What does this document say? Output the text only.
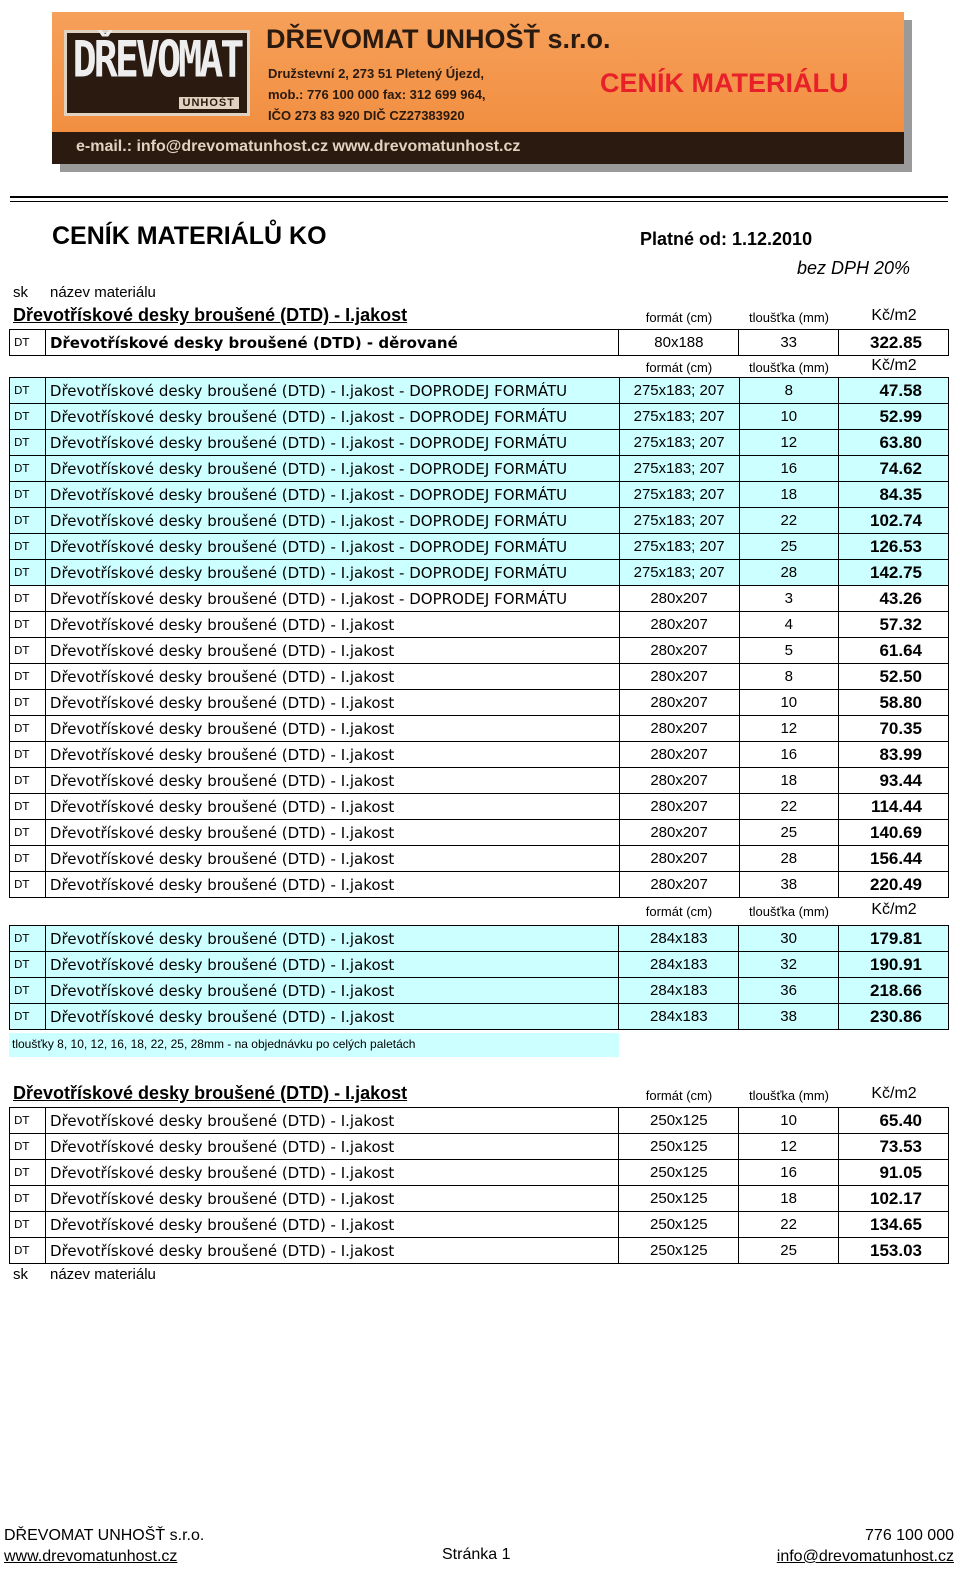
DŘEVOMAT
UNHOŠT
DŘEVOMAT UNHOŠŤ s.r.o.
Družstevní 2, 273 51 Pletený Újezd,
mob.: 776 100 000 fax: 312 699 964,
IČO 273 83 920 DIČ CZ27383920
CENÍK MATERIÁLU
e-mail.: info@drevomatunhost.cz www.drevomatunhost.cz
CENÍK MATERIÁLŮ KO	Platné od: 1.12.2010
bez DPH 20%
sk název materiálu
Dřevotřískové desky broušené (DTD) - I.jakost	formát (cm)	tloušťka (mm)	Kč/m2
DT	Dřevotřískové desky broušené (DTD) - děrované	80x188	33	322.85
formát (cm)	tloušťka (mm)	Kč/m2
DT	Dřevotřískové desky broušené (DTD) - I.jakost - DOPRODEJ FORMÁTU	275x183; 207	8	47.58
DT	Dřevotřískové desky broušené (DTD) - I.jakost - DOPRODEJ FORMÁTU	275x183; 207	10	52.99
DT	Dřevotřískové desky broušené (DTD) - I.jakost - DOPRODEJ FORMÁTU	275x183; 207	12	63.80
DT	Dřevotřískové desky broušené (DTD) - I.jakost - DOPRODEJ FORMÁTU	275x183; 207	16	74.62
DT	Dřevotřískové desky broušené (DTD) - I.jakost - DOPRODEJ FORMÁTU	275x183; 207	18	84.35
DT	Dřevotřískové desky broušené (DTD) - I.jakost - DOPRODEJ FORMÁTU	275x183; 207	22	102.74
DT	Dřevotřískové desky broušené (DTD) - I.jakost - DOPRODEJ FORMÁTU	275x183; 207	25	126.53
DT	Dřevotřískové desky broušené (DTD) - I.jakost - DOPRODEJ FORMÁTU	275x183; 207	28	142.75
DT	Dřevotřískové desky broušené (DTD) - I.jakost - DOPRODEJ FORMÁTU	280x207	3	43.26
DT	Dřevotřískové desky broušené (DTD) - I.jakost	280x207	4	57.32
DT	Dřevotřískové desky broušené (DTD) - I.jakost	280x207	5	61.64
DT	Dřevotřískové desky broušené (DTD) - I.jakost	280x207	8	52.50
DT	Dřevotřískové desky broušené (DTD) - I.jakost	280x207	10	58.80
DT	Dřevotřískové desky broušené (DTD) - I.jakost	280x207	12	70.35
DT	Dřevotřískové desky broušené (DTD) - I.jakost	280x207	16	83.99
DT	Dřevotřískové desky broušené (DTD) - I.jakost	280x207	18	93.44
DT	Dřevotřískové desky broušené (DTD) - I.jakost	280x207	22	114.44
DT	Dřevotřískové desky broušené (DTD) - I.jakost	280x207	25	140.69
DT	Dřevotřískové desky broušené (DTD) - I.jakost	280x207	28	156.44
DT	Dřevotřískové desky broušené (DTD) - I.jakost	280x207	38	220.49
formát (cm)	tloušťka (mm)	Kč/m2
DT	Dřevotřískové desky broušené (DTD) - I.jakost	284x183	30	179.81
DT	Dřevotřískové desky broušené (DTD) - I.jakost	284x183	32	190.91
DT	Dřevotřískové desky broušené (DTD) - I.jakost	284x183	36	218.66
DT	Dřevotřískové desky broušené (DTD) - I.jakost	284x183	38	230.86
tloušťky 8, 10, 12, 16, 18, 22, 25, 28mm - na objednávku po celých paletách
Dřevotřískové desky broušené (DTD) - I.jakost	formát (cm)	tloušťka (mm)	Kč/m2
DT	Dřevotřískové desky broušené (DTD) - I.jakost	250x125	10	65.40
DT	Dřevotřískové desky broušené (DTD) - I.jakost	250x125	12	73.53
DT	Dřevotřískové desky broušené (DTD) - I.jakost	250x125	16	91.05
DT	Dřevotřískové desky broušené (DTD) - I.jakost	250x125	18	102.17
DT	Dřevotřískové desky broušené (DTD) - I.jakost	250x125	22	134.65
DT	Dřevotřískové desky broušené (DTD) - I.jakost	250x125	25	153.03
sk název materiálu
DŘEVOMAT UNHOŠŤ s.r.o.
www.drevomatunhost.cz	Stránka 1
776 100 000
info@drevomatunhost.cz
